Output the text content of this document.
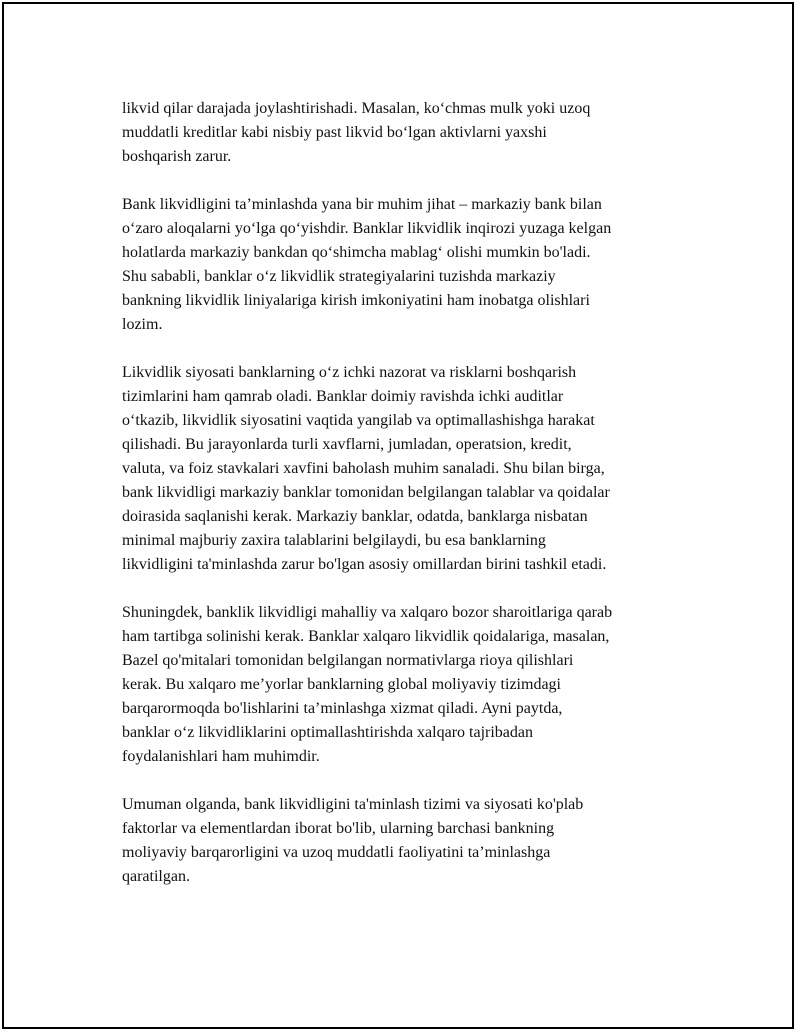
likvid qilar darajada joylashtirishadi. Masalan, ko‘chmas mulk yoki uzoq
muddatli kreditlar kabi nisbiy past likvid bo‘lgan aktivlarni yaxshi
boshqarish zarur.

Bank likvidligini ta’minlashda yana bir muhim jihat – markaziy bank bilan
o‘zaro aloqalarni yo‘lga qo‘yishdir. Banklar likvidlik inqirozi yuzaga kelgan
holatlarda markaziy bankdan qo‘shimcha mablag‘ olishi mumkin bo'ladi.
Shu sababli, banklar o‘z likvidlik strategiyalarini tuzishda markaziy
bankning likvidlik liniyalariga kirish imkoniyatini ham inobatga olishlari
lozim.

Likvidlik siyosati banklarning o‘z ichki nazorat va risklarni boshqarish
tizimlarini ham qamrab oladi. Banklar doimiy ravishda ichki auditlar
o‘tkazib, likvidlik siyosatini vaqtida yangilab va optimallashishga harakat
qilishadi. Bu jarayonlarda turli xavflarni, jumladan, operatsion, kredit,
valuta, va foiz stavkalari xavfini baholash muhim sanaladi. Shu bilan birga,
bank likvidligi markaziy banklar tomonidan belgilangan talablar va qoidalar
doirasida saqlanishi kerak. Markaziy banklar, odatda, banklarga nisbatan
minimal majburiy zaxira talablarini belgilaydi, bu esa banklarning
likvidligini ta'minlashda zarur bo'lgan asosiy omillardan birini tashkil etadi.

Shuningdek, banklik likvidligi mahalliy va xalqaro bozor sharoitlariga qarab
ham tartibga solinishi kerak. Banklar xalqaro likvidlik qoidalariga, masalan,
Bazel qo'mitalari tomonidan belgilangan normativlarga rioya qilishlari
kerak. Bu xalqaro me’yorlar banklarning global moliyaviy tizimdagi
barqarormoqda bo'lishlarini ta’minlashga xizmat qiladi. Ayni paytda,
banklar o‘z likvidliklarini optimallashtirishda xalqaro tajribadan
foydalanishlari ham muhimdir.

Umuman olganda, bank likvidligini ta'minlash tizimi va siyosati ko'plab
faktorlar va elementlardan iborat bo'lib, ularning barchasi bankning
moliyaviy barqarorligini va uzoq muddatli faoliyatini ta’minlashga
qaratilgan.
